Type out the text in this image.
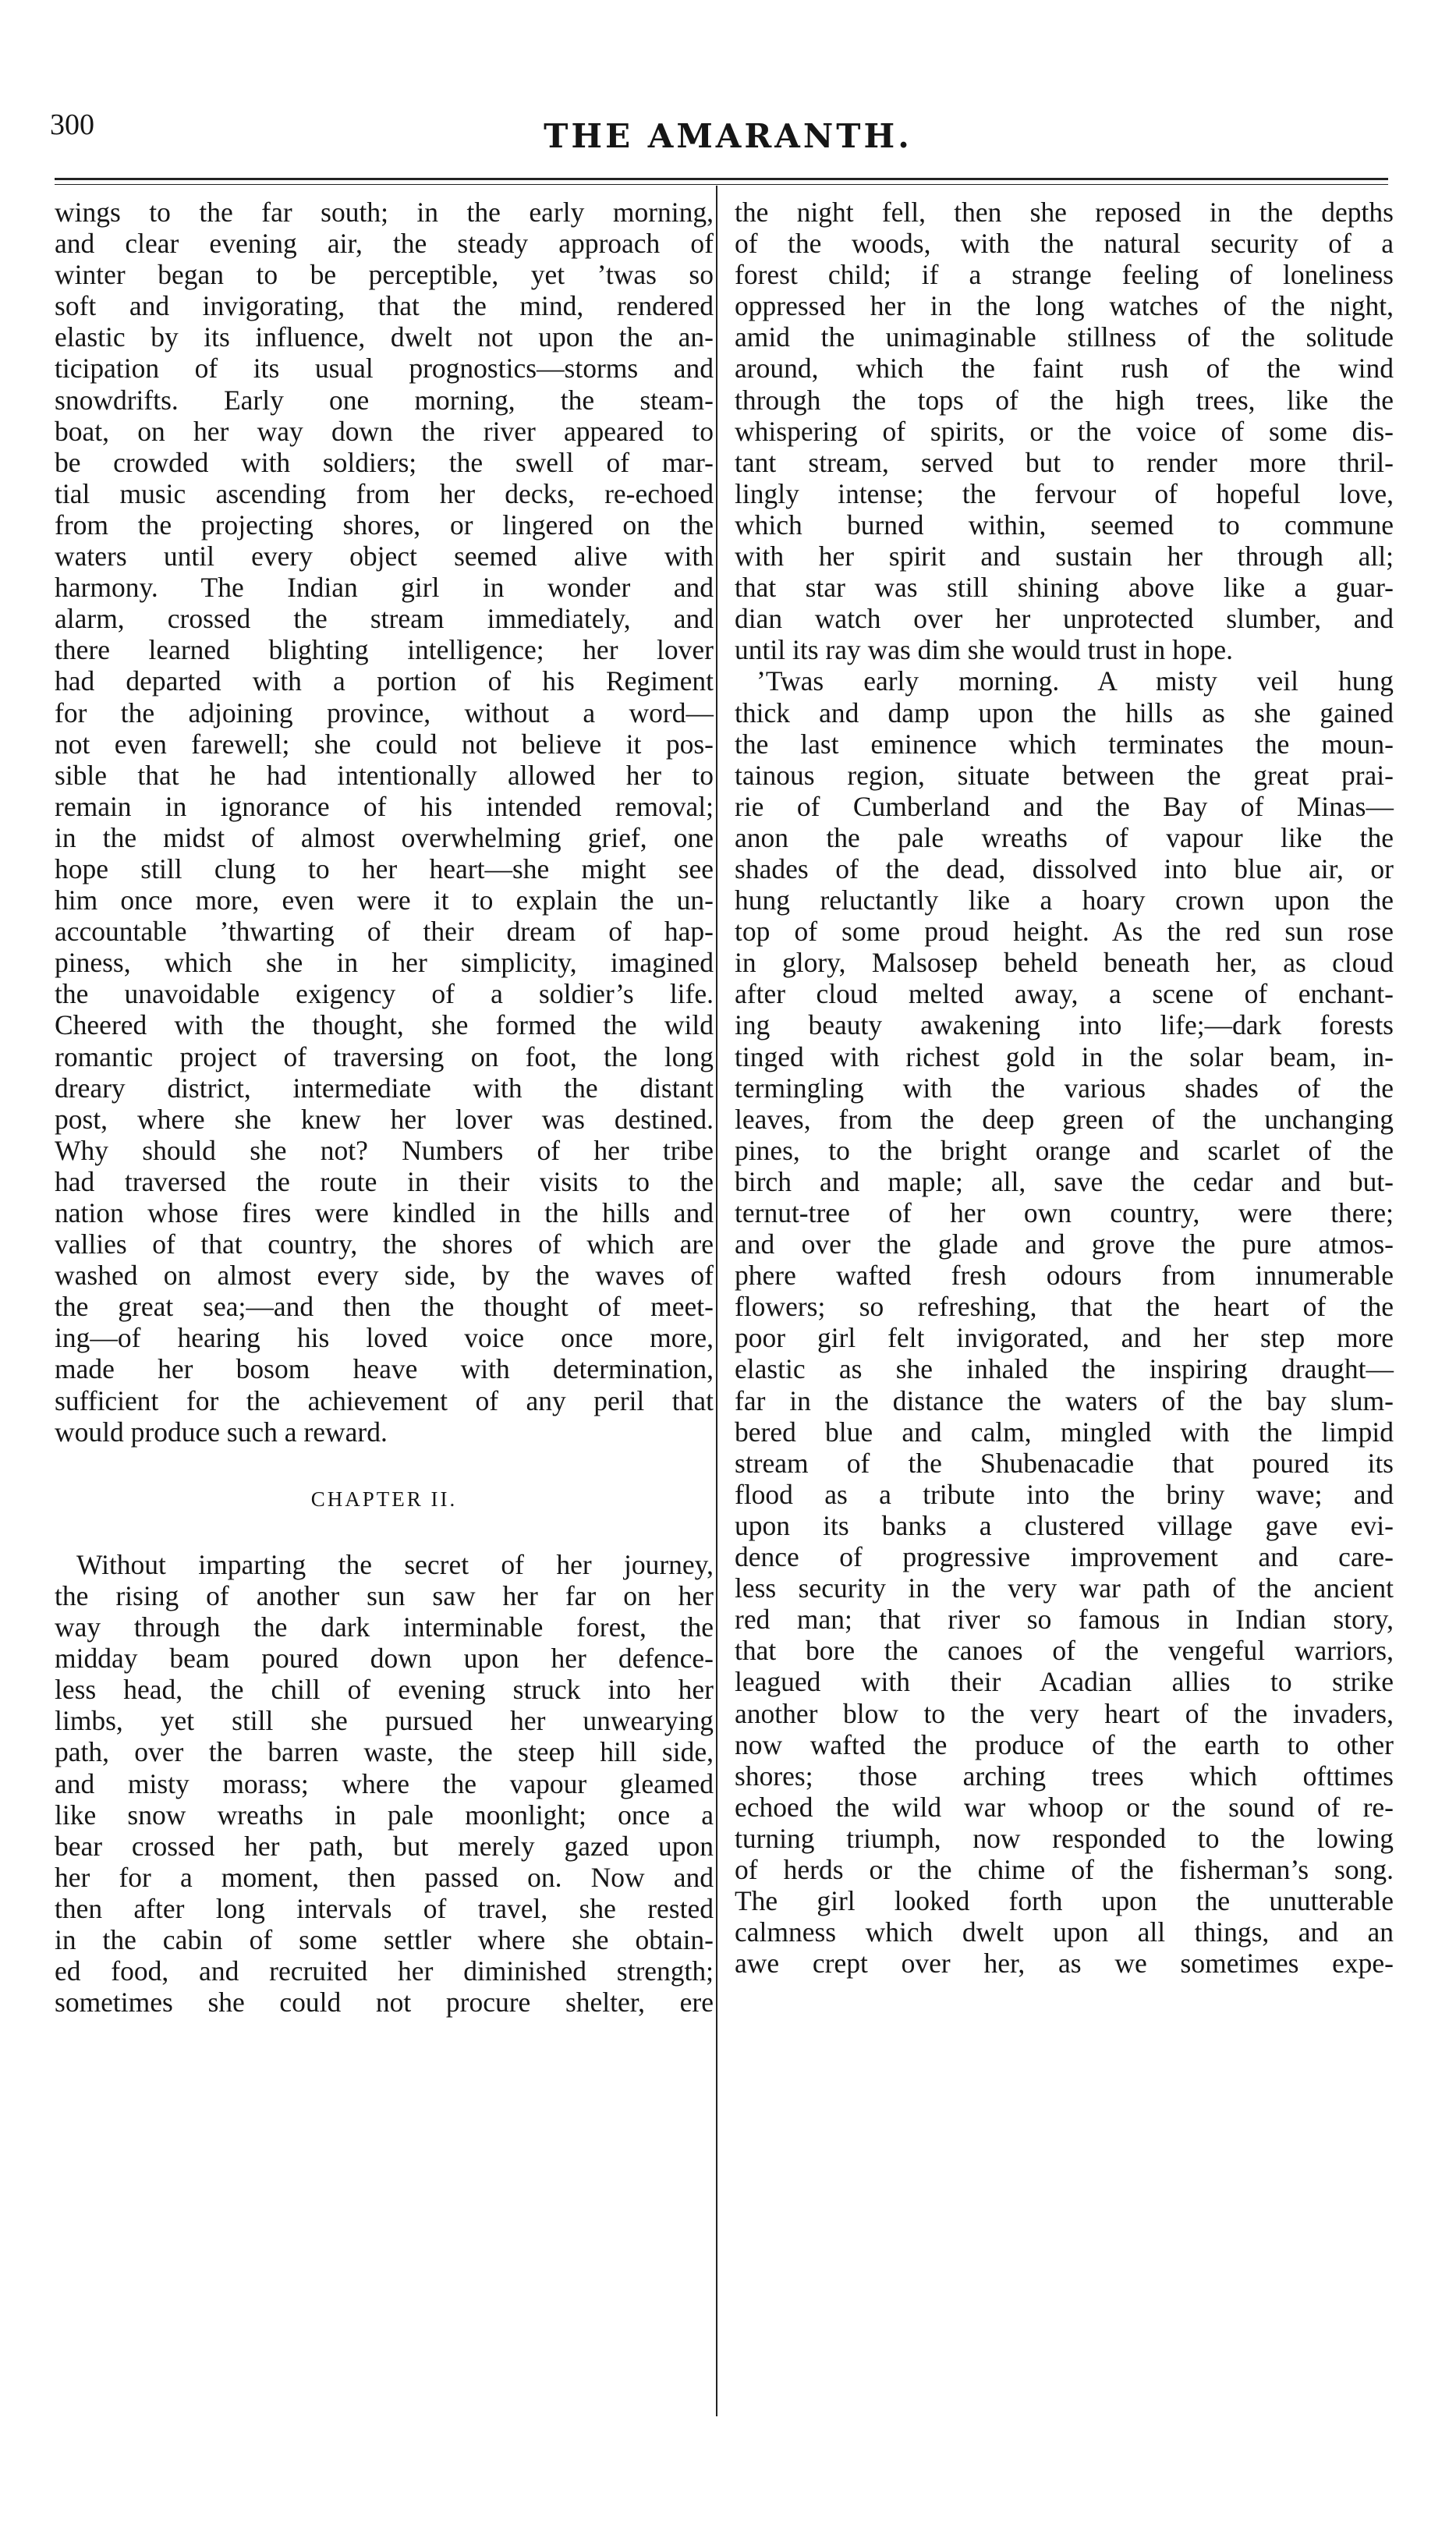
300	THE AMARANTH.
wings to the far south; in the early morning,
and clear evening air, the steady approach of
winter began to be perceptible, yet ’twas so
soft and invigorating, that the mind, rendered
elastic by its influence, dwelt not upon the an-
ticipation of its usual prognostics—storms and
snowdrifts. Early one morning, the steam-
boat, on her way down the river appeared to
be crowded with soldiers; the swell of mar-
tial music ascending from her decks, re-echoed
from the projecting shores, or lingered on the
waters until every object seemed alive with
harmony. The Indian girl in wonder and
alarm, crossed the stream immediately, and
there learned blighting intelligence; her lover
had departed with a portion of his Regiment
for the adjoining province, without a word—
not even farewell; she could not believe it pos-
sible that he had intentionally allowed her to
remain in ignorance of his intended removal;
in the midst of almost overwhelming grief, one
hope still clung to her heart—she might see
him once more, even were it to explain the un-
accountable ’thwarting of their dream of hap-
piness, which she in her simplicity, imagined
the unavoidable exigency of a soldier’s life.
Cheered with the thought, she formed the wild
romantic project of traversing on foot, the long
dreary district, intermediate with the distant
post, where she knew her lover was destined.
Why should she not? Numbers of her tribe
had traversed the route in their visits to the
nation whose fires were kindled in the hills and
vallies of that country, the shores of which are
washed on almost every side, by the waves of
the great sea;—and then the thought of meet-
ing—of hearing his loved voice once more,
made her bosom heave with determination,
sufficient for the achievement of any peril that
would produce such a reward.
CHAPTER II.
Without imparting the secret of her journey,
the rising of another sun saw her far on her
way through the dark interminable forest, the
midday beam poured down upon her defence-
less head, the chill of evening struck into her
limbs, yet still she pursued her unwearying
path, over the barren waste, the steep hill side,
and misty morass; where the vapour gleamed
like snow wreaths in pale moonlight; once a
bear crossed her path, but merely gazed upon
her for a moment, then passed on. Now and
then after long intervals of travel, she rested
in the cabin of some settler where she obtain-
ed food, and recruited her diminished strength;
sometimes she could not procure shelter, ere
the night fell, then she reposed in the depths
of the woods, with the natural security of a
forest child; if a strange feeling of loneliness
oppressed her in the long watches of the night,
amid the unimaginable stillness of the solitude
around, which the faint rush of the wind
through the tops of the high trees, like the
whispering of spirits, or the voice of some dis-
tant stream, served but to render more thril-
lingly intense; the fervour of hopeful love,
which burned within, seemed to commune
with her spirit and sustain her through all;
that star was still shining above like a guar-
dian watch over her unprotected slumber, and
until its ray was dim she would trust in hope.
’Twas early morning. A misty veil hung
thick and damp upon the hills as she gained
the last eminence which terminates the moun-
tainous region, situate between the great prai-
rie of Cumberland and the Bay of Minas—
anon the pale wreaths of vapour like the
shades of the dead, dissolved into blue air, or
hung reluctantly like a hoary crown upon the
top of some proud height. As the red sun rose
in glory, Malsosep beheld beneath her, as cloud
after cloud melted away, a scene of enchant-
ing beauty awakening into life;—dark forests
tinged with richest gold in the solar beam, in-
termingling with the various shades of the
leaves, from the deep green of the unchanging
pines, to the bright orange and scarlet of the
birch and maple; all, save the cedar and but-
ternut-tree of her own country, were there;
and over the glade and grove the pure atmos-
phere wafted fresh odours from innumerable
flowers; so refreshing, that the heart of the
poor girl felt invigorated, and her step more
elastic as she inhaled the inspiring draught—
far in the distance the waters of the bay slum-
bered blue and calm, mingled with the limpid
stream of the Shubenacadie that poured its
flood as a tribute into the briny wave; and
upon its banks a clustered village gave evi-
dence of progressive improvement and care-
less security in the very war path of the ancient
red man; that river so famous in Indian story,
that bore the canoes of the vengeful warriors,
leagued with their Acadian allies to strike
another blow to the very heart of the invaders,
now wafted the produce of the earth to other
shores; those arching trees which ofttimes
echoed the wild war whoop or the sound of re-
turning triumph, now responded to the lowing
of herds or the chime of the fisherman’s song.
The girl looked forth upon the unutterable
calmness which dwelt upon all things, and an
awe crept over her, as we sometimes expe-
